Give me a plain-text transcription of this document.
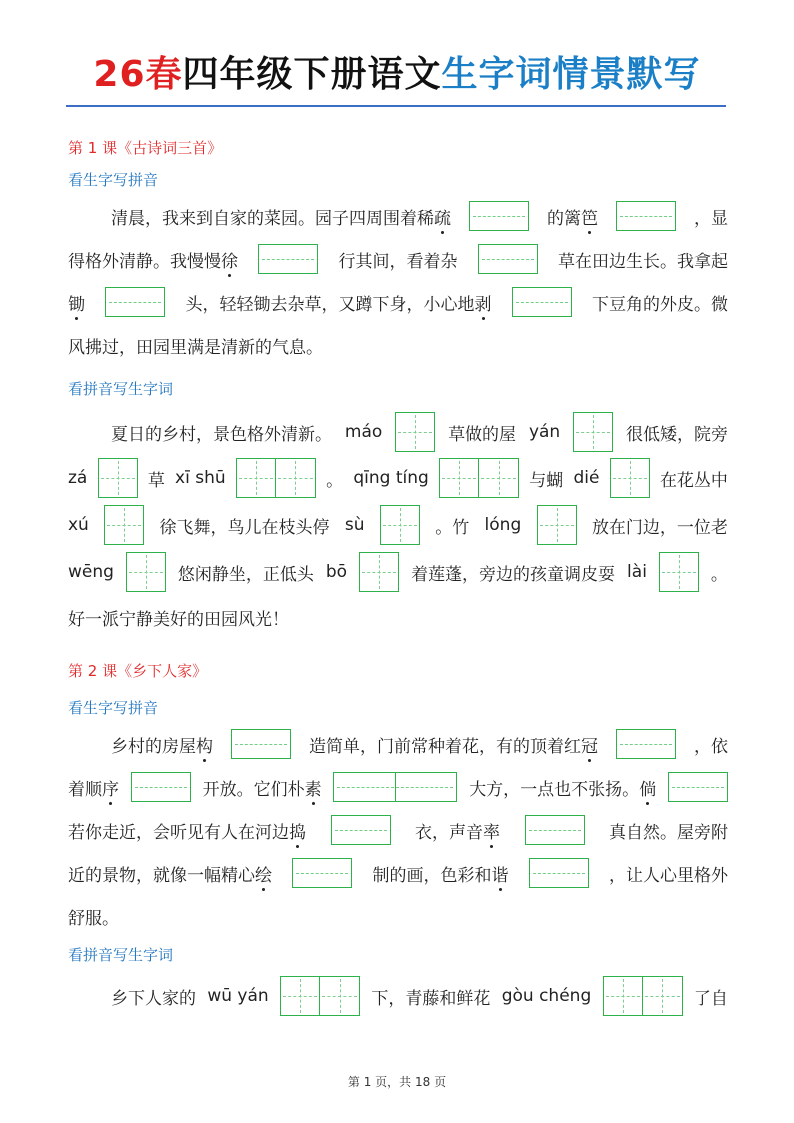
26春四年级下册语文生字词情景默写
第 1 课《古诗词三首》
看生字写拼音
清晨，我来到自家的菜园。园子四周围着稀疏	的篱笆	，显
得格外清静。我慢慢徐	行其间，看着杂	草在田边生长。我拿起
锄	头，轻轻锄去杂草，又蹲下身，小心地剥	下豆角的外皮。微
风拂过，田园里满是清新的气息。
看拼音写生字词
夏日的乡村，景色格外清新。 máo	草做的屋 yán	很低矮，院旁
zá	草 xī shū	。 qīng tíng	与蝴 dié	在花丛中
xú	徐飞舞，鸟儿在枝头停 sù	。竹 lóng	放在门边，一位老
wēng	悠闲静坐，正低头 bō	着莲蓬，旁边的孩童调皮耍 lài	。
好一派宁静美好的田园风光！
第 2 课《乡下人家》
看生字写拼音
乡村的房屋构	造简单，门前常种着花，有的顶着红冠	，依
着顺序	开放。它们朴素	大方，一点也不张扬。倘
若你走近，会听见有人在河边捣	衣，声音率	真自然。屋旁附
近的景物，就像一幅精心绘	制的画，色彩和谐	，让人心里格外
舒服。
看拼音写生字词
乡下人家的 wū yán	下，青藤和鲜花 gòu chéng	了自
第 1 页，共 18 页
